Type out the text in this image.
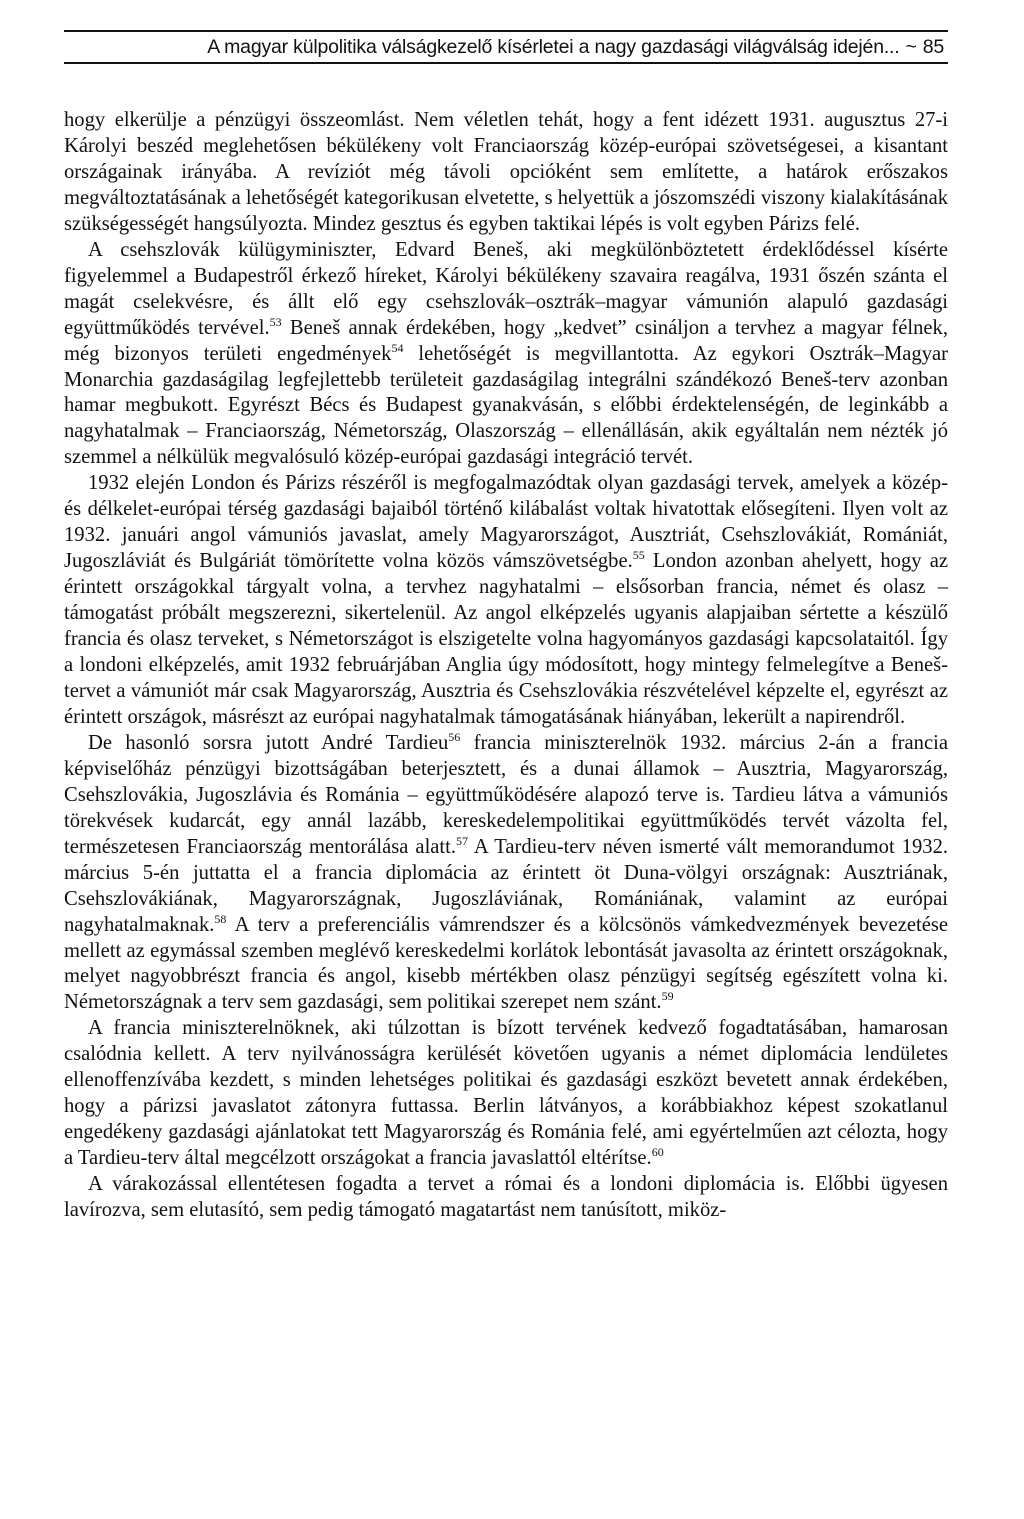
A magyar külpolitika válságkezelő kísérletei a nagy gazdasági világválság idején... ~ 85

hogy elkerülje a pénzügyi összeomlást. Nem véletlen tehát, hogy a fent idézett 1931. augusztus 27-i Károlyi beszéd meglehetősen békülékeny volt Franciaország közép-európai szövetségesei, a kisantant országainak irányába. A revíziót még távoli opcióként sem említette, a határok erőszakos megváltoztatásának a lehetőségét kategorikusan elvetette, s helyettük a jószomszédi viszony kialakításának szükségességét hangsúlyozta. Mindez gesztus és egyben taktikai lépés is volt egyben Párizs felé.

A csehszlovák külügyminiszter, Edvard Beneš, aki megkülönböztetett érdeklődéssel kísérte figyelemmel a Budapestről érkező híreket, Károlyi békülékeny szavaira reagálva, 1931 őszén szánta el magát cselekvésre, és állt elő egy csehszlovák–osztrák–magyar vámunión alapuló gazdasági együttműködés tervével.$^{53}$ Beneš annak érdekében, hogy „kedvet” csináljon a tervhez a magyar félnek, még bizonyos területi engedmények$^{54}$ lehetőségét is megvillantotta. Az egykori Osztrák–Magyar Monarchia gazdaságilag legfejlettebb területeit gazdaságilag integrálni szándékozó Beneš-terv azonban hamar megbukott. Egyrészt Bécs és Budapest gyanakvásán, s előbbi érdektelenségén, de leginkább a nagyhatalmak – Franciaország, Németország, Olaszország – ellenállásán, akik egyáltalán nem nézték jó szemmel a nélkülük megvalósuló közép-európai gazdasági integráció tervét.

1932 elején London és Párizs részéről is megfogalmazódtak olyan gazdasági tervek, amelyek a közép-és délkelet-európai térség gazdasági bajaiból történő kilábalást voltak hivatottak elősegíteni. Ilyen volt az 1932. januári angol vámuniós javaslat, amely Magyarországot, Ausztriát, Csehszlovákiát, Romániát, Jugoszláviát és Bulgáriát tömörítette volna közös vámszövetségbe.$^{55}$ London azonban ahelyett, hogy az érintett országokkal tárgyalt volna, a tervhez nagyhatalmi – elsősorban francia, német és olasz – támogatást próbált megszerezni, sikertelenül. Az angol elképzelés ugyanis alapjaiban sértette a készülő francia és olasz terveket, s Németországot is elszigetelte volna hagyományos gazdasági kapcsolataitól. Így a londoni elképzelés, amit 1932 februárjában Anglia úgy módosított, hogy mintegy felmelegítve a Beneš-tervet a vámuniót már csak Magyarország, Ausztria és Csehszlovákia részvételével képzelte el, egyrészt az érintett országok, másrészt az európai nagyhatalmak támogatásának hiányában, lekerült a napirendről.

De hasonló sorsra jutott André Tardieu$^{56}$ francia miniszterelnök 1932. március 2-án a francia képviselőház pénzügyi bizottságában beterjesztett, és a dunai államok – Ausztria, Magyarország, Csehszlovákia, Jugoszlávia és Románia – együttműködésére alapozó terve is. Tardieu látva a vámuniós törekvések kudarcát, egy annál lazább, kereskedelempolitikai együttműködés tervét vázolta fel, természetesen Franciaország mentorálása alatt.$^{57}$ A Tardieu-terv néven ismerté vált memorandumot 1932. március 5-én juttatta el a francia diplomácia az érintett öt Duna-völgyi országnak: Ausztriának, Csehszlovákiának, Magyarországnak, Jugoszláviának, Romániának, valamint az európai nagyhatalmaknak.$^{58}$ A terv a preferenciális vámrendszer és a kölcsönös vámkedvezmények bevezetése mellett az egymással szemben meglévő kereskedelmi korlátok lebontását javasolta az érintett országoknak, melyet nagyobbrészt francia és angol, kisebb mértékben olasz pénzügyi segítség egészített volna ki. Németországnak a terv sem gazdasági, sem politikai szerepet nem szánt.$^{59}$

A francia miniszterelnöknek, aki túlzottan is bízott tervének kedvező fogadtatásában, hamarosan csalódnia kellett. A terv nyilvánosságra kerülését követően ugyanis a német diplomácia lendületes ellenoffenzívába kezdett, s minden lehetséges politikai és gazdasági eszközt bevetett annak érdekében, hogy a párizsi javaslatot zátonyra futtassa. Berlin látványos, a korábbiakhoz képest szokatlanul engedékeny gazdasági ajánlatokat tett Magyarország és Románia felé, ami egyértelműen azt célozta, hogy a Tardieu-terv által megcélzott országokat a francia javaslattól eltérítse.$^{60}$

A várakozással ellentétesen fogadta a tervet a római és a londoni diplomácia is. Előbbi ügyesen lavírozva, sem elutasító, sem pedig támogató magatartást nem tanúsított, miköz-
